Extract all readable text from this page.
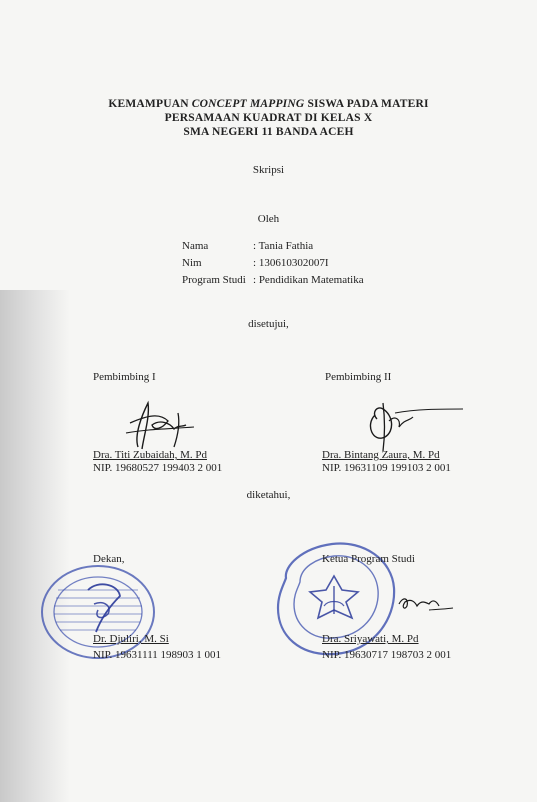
KEMAMPUAN CONCEPT MAPPING SISWA PADA MATERI
PERSAMAAN KUADRAT DI KELAS X
SMA NEGERI 11 BANDA ACEH
Skripsi
Oleh
Nama	: Tania Fathia
Nim	: 130610302007I
Program Studi	: Pendidikan Matematika
disetujui,
Pembimbing I
Dra. Titi Zubaidah, M. Pd
NIP. 19680527 199403 2 001
Pembimbing II
Dra. Bintang Zaura, M. Pd
NIP. 19631109 199103 2 001
diketahui,
Dekan,
Dr. Djuliri, M. Si
NIP. 19631111 198903 1 001
Ketua Program Studi
Dra. Sriyawati, M. Pd
NIP. 19630717 198703 2 001
